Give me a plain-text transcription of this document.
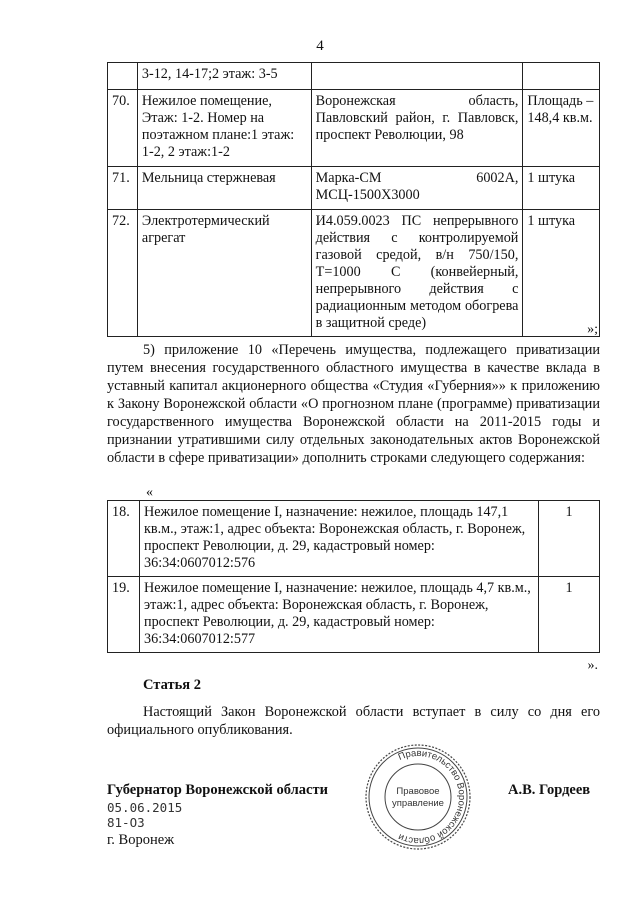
4
	3-12, 14-17;2 этаж: 3-5		
70.	Нежилое помещение, Этаж: 1-2. Номер на поэтажном плане:1 этаж: 1-2, 2 этаж:1-2	Воронежская область, Павловский район, г. Павловск, проспект Революции, 98	Площадь – 148,4 кв.м.
71.	Мельница стержневая	Марка-СМ 6002А, МСЦ-1500Х3000	1 штука
72.	Электротермический агрегат	И4.059.0023 ПС непрерывного действия с контролируемой газовой средой, в/н 750/150, Т=1000 С (конвейерный, непрерывного действия с радиационным методом обогрева в защитной среде)	1 штука
»;
5) приложение 10 «Перечень имущества, подлежащего приватизации путем внесения государственного областного имущества в качестве вклада в уставный капитал акционерного общества «Студия «Губерния»» к приложению к Закону Воронежской области «О прогнозном плане (программе) приватизации государственного имущества Воронежской области на 2011-2015 годы и признании утратившими силу отдельных законодательных актов Воронежской области в сфере приватизации» дополнить строками следующего содержания:
«
18.	Нежилое помещение I, назначение: нежилое, площадь 147,1 кв.м., этаж:1, адрес объекта: Воронежская область, г. Воронеж, проспект Революции, д. 29, кадастровый номер: 36:34:0607012:576	1
19.	Нежилое помещение I, назначение: нежилое, площадь 4,7 кв.м., этаж:1, адрес объекта: Воронежская область, г. Воронеж, проспект Революции, д. 29, кадастровый номер: 36:34:0607012:577	1
».
Статья 2
Настоящий Закон Воронежской области вступает в силу со дня его официального опубликования.
Губернатор Воронежской области	А.В. Гордеев
05.06.2015
81-ОЗ
г. Воронеж
Правительство Воронежской области
Правовое
управление
